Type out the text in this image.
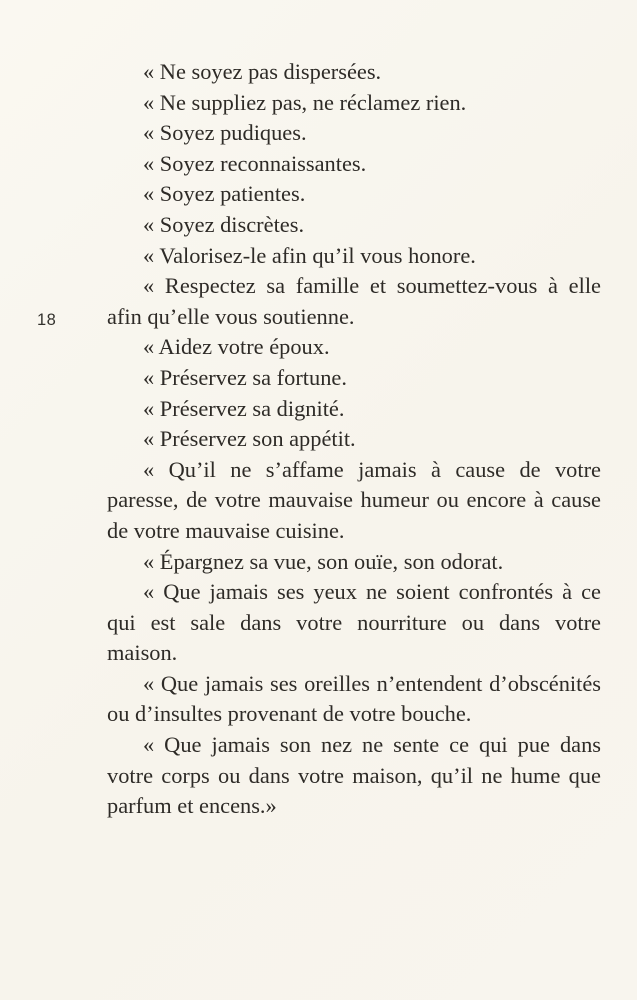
18

« Ne soyez pas dispersées.

« Ne suppliez pas, ne réclamez rien.

« Soyez pudiques.

« Soyez reconnaissantes.

« Soyez patientes.

« Soyez discrètes.

« Valorisez-le afin qu’il vous honore.

« Respectez sa famille et soumettez-vous à elle afin qu’elle vous soutienne.

« Aidez votre époux.

« Préservez sa fortune.

« Préservez sa dignité.

« Préservez son appétit.

« Qu’il ne s’affame jamais à cause de votre paresse, de votre mauvaise humeur ou encore à cause de votre mauvaise cuisine.

« Épargnez sa vue, son ouïe, son odorat.

« Que jamais ses yeux ne soient confrontés à ce qui est sale dans votre nourriture ou dans votre maison.

« Que jamais ses oreilles n’entendent d’obscénités ou d’insultes provenant de votre bouche.

« Que jamais son nez ne sente ce qui pue dans votre corps ou dans votre maison, qu’il ne hume que parfum et encens.»
